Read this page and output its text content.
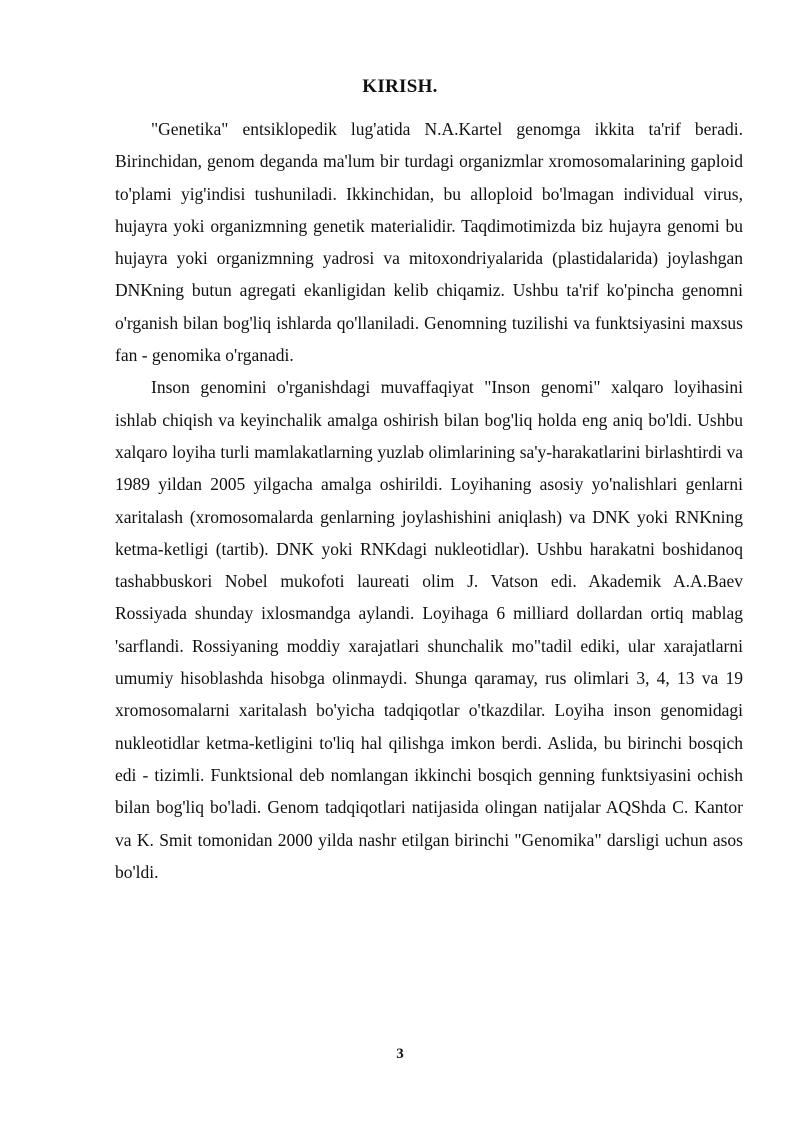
KIRISH.

"Genetika" entsiklopedik lug'atida N.A.Kartel genomga ikkita ta'rif beradi. Birinchidan, genom deganda ma'lum bir turdagi organizmlar xromosomalarining gaploid to'plami yig'indisi tushuniladi. Ikkinchidan, bu alloploid bo'lmagan individual virus, hujayra yoki organizmning genetik materialidir. Taqdimotimizda biz hujayra genomi bu hujayra yoki organizmning yadrosi va mitoxondriyalarida (plastidalarida) joylashgan DNKning butun agregati ekanligidan kelib chiqamiz. Ushbu ta'rif ko'pincha genomni o'rganish bilan bog'liq ishlarda qo'llaniladi. Genomning tuzilishi va funktsiyasini maxsus fan - genomika o'rganadi.

Inson genomini o'rganishdagi muvaffaqiyat "Inson genomi" xalqaro loyihasini ishlab chiqish va keyinchalik amalga oshirish bilan bog'liq holda eng aniq bo'ldi. Ushbu xalqaro loyiha turli mamlakatlarning yuzlab olimlarining sa'y-harakatlarini birlashtirdi va 1989 yildan 2005 yilgacha amalga oshirildi. Loyihaning asosiy yo'nalishlari genlarni xaritalash (xromosomalarda genlarning joylashishini aniqlash) va DNK yoki RNKning ketma-ketligi (tartib). DNK yoki RNKdagi nukleotidlar). Ushbu harakatni boshidanoq tashabbuskori Nobel mukofoti laureati olim J. Vatson edi. Akademik A.A.Baev Rossiyada shunday ixlosmandga aylandi. Loyihaga 6 milliard dollardan ortiq mablag 'sarflandi. Rossiyaning moddiy xarajatlari shunchalik mo"tadil ediki, ular xarajatlarni umumiy hisoblashda hisobga olinmaydi. Shunga qaramay, rus olimlari 3, 4, 13 va 19 xromosomalarni xaritalash bo'yicha tadqiqotlar o'tkazdilar. Loyiha inson genomidagi nukleotidlar ketma-ketligini to'liq hal qilishga imkon berdi. Aslida, bu birinchi bosqich edi - tizimli. Funktsional deb nomlangan ikkinchi bosqich genning funktsiyasini ochish bilan bog'liq bo'ladi. Genom tadqiqotlari natijasida olingan natijalar AQShda C. Kantor va K. Smit tomonidan 2000 yilda nashr etilgan birinchi "Genomika" darsligi uchun asos bo'ldi.

3
